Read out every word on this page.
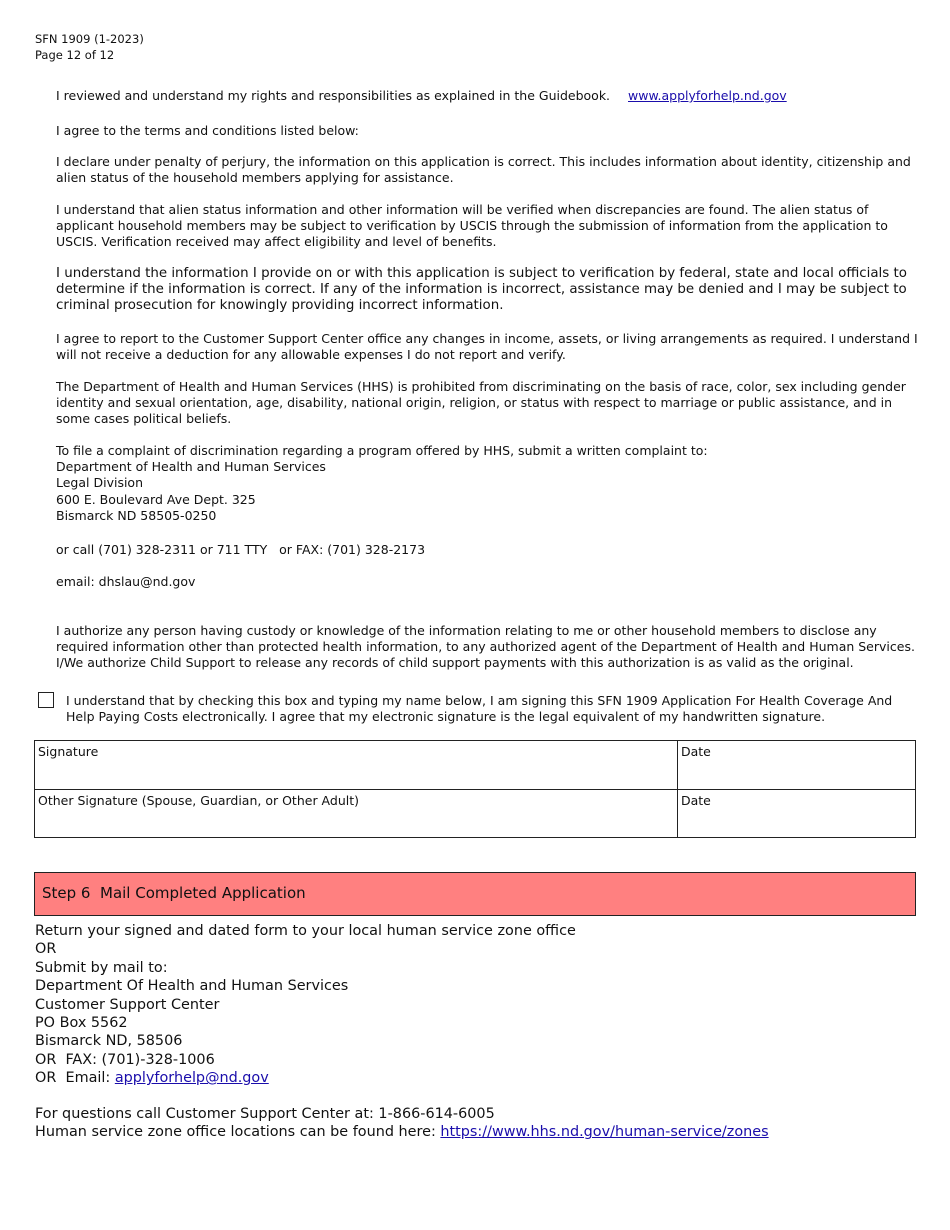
SFN 1909 (1-2023)
Page 12 of 12
I reviewed and understand my rights and responsibilities as explained in the Guidebook. www.applyforhelp.nd.gov
I agree to the terms and conditions listed below:
I declare under penalty of perjury, the information on this application is correct. This includes information about identity, citizenship and
alien status of the household members applying for assistance.
I understand that alien status information and other information will be verified when discrepancies are found. The alien status of
applicant household members may be subject to verification by USCIS through the submission of information from the application to
USCIS. Verification received may affect eligibility and level of benefits.
I understand the information I provide on or with this application is subject to verification by federal, state and local officials to
determine if the information is correct. If any of the information is incorrect, assistance may be denied and I may be subject to
criminal prosecution for knowingly providing incorrect information.
I agree to report to the Customer Support Center office any changes in income, assets, or living arrangements as required. I understand I
will not receive a deduction for any allowable expenses I do not report and verify.
The Department of Health and Human Services (HHS) is prohibited from discriminating on the basis of race, color, sex including gender
identity and sexual orientation, age, disability, national origin, religion, or status with respect to marriage or public assistance, and in
some cases political beliefs.
To file a complaint of discrimination regarding a program offered by HHS, submit a written complaint to:
Department of Health and Human Services
Legal Division
600 E. Boulevard Ave Dept. 325
Bismarck ND 58505-0250
or call (701) 328-2311 or 711 TTY   or FAX: (701) 328-2173
email: dhslau@nd.gov
I authorize any person having custody or knowledge of the information relating to me or other household members to disclose any
required information other than protected health information, to any authorized agent of the Department of Health and Human Services.
I/We authorize Child Support to release any records of child support payments with this authorization is as valid as the original.
I understand that by checking this box and typing my name below, I am signing this SFN 1909 Application For Health Coverage And
Help Paying Costs electronically. I agree that my electronic signature is the legal equivalent of my handwritten signature.
Signature	Date
Other Signature (Spouse, Guardian, or Other Adult)	Date
Step 6  Mail Completed Application
Return your signed and dated form to your local human service zone office
OR
Submit by mail to:
Department Of Health and Human Services
Customer Support Center
PO Box 5562
Bismarck ND, 58506
OR  FAX: (701)-328-1006
OR  Email: applyforhelp@nd.gov
For questions call Customer Support Center at: 1-866-614-6005
Human service zone office locations can be found here: https://www.hhs.nd.gov/human-service/zones
